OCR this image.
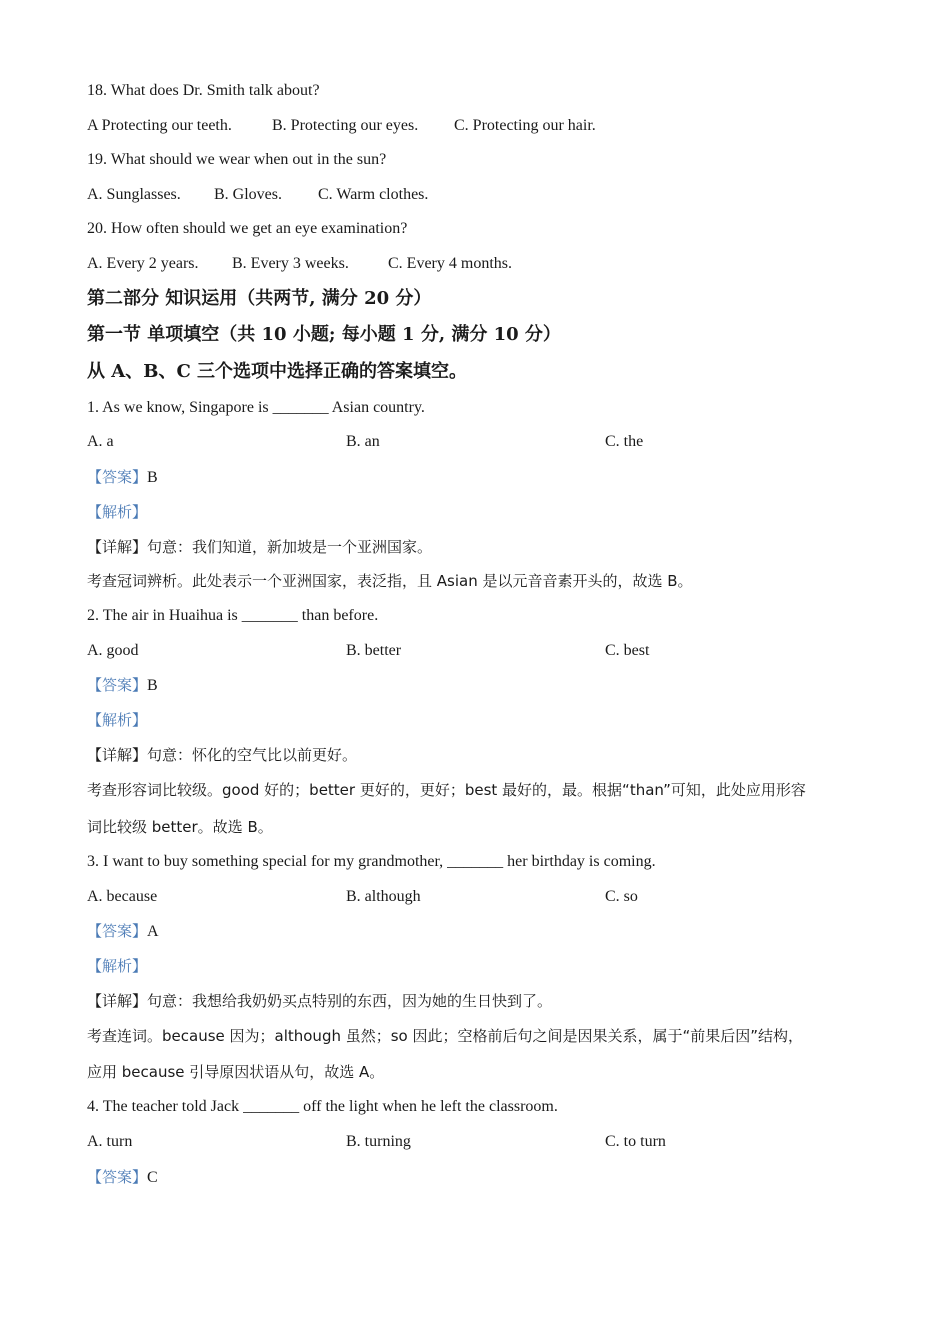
18. What does Dr. Smith talk about?
A Protecting our teeth.	B. Protecting our eyes. C. Protecting our hair.
19. What should we wear when out in the sun?
A. Sunglasses. B. Gloves. C. Warm clothes.
20. How often should we get an eye examination?
A. Every 2 years. B. Every 3 weeks. C. Every 4 months.
第二部分 知识运用（共两节, 满分 20 分）
第一节 单项填空（共 10 小题; 每小题 1 分, 满分 10 分）
从 A、B、C 三个选项中选择正确的答案填空。
1. As we know, Singapore is _______ Asian country.
A. a	B. an	C. the
【答案】B
【解析】
【详解】句意：我们知道，新加坡是一个亚洲国家。
考查冠词辨析。此处表示一个亚洲国家，表泛指，且 Asian 是以元音音素开头的，故选 B。
2. The air in Huaihua is _______ than before.
A. good	B. better	C. best
【答案】B
【解析】
【详解】句意：怀化的空气比以前更好。
考查形容词比较级。good 好的；better 更好的，更好；best 最好的，最。根据“than”可知，此处应用形容
词比较级 better。故选 B。
3. I want to buy something special for my grandmother, _______ her birthday is coming.
A. because	B. although	C. so
【答案】A
【解析】
【详解】句意：我想给我奶奶买点特别的东西，因为她的生日快到了。
考查连词。because 因为；although 虽然；so 因此；空格前后句之间是因果关系，属于“前果后因”结构，
应用 because 引导原因状语从句，故选 A。
4. The teacher told Jack _______ off the light when he left the classroom.
A. turn	B. turning	C. to turn
【答案】C
